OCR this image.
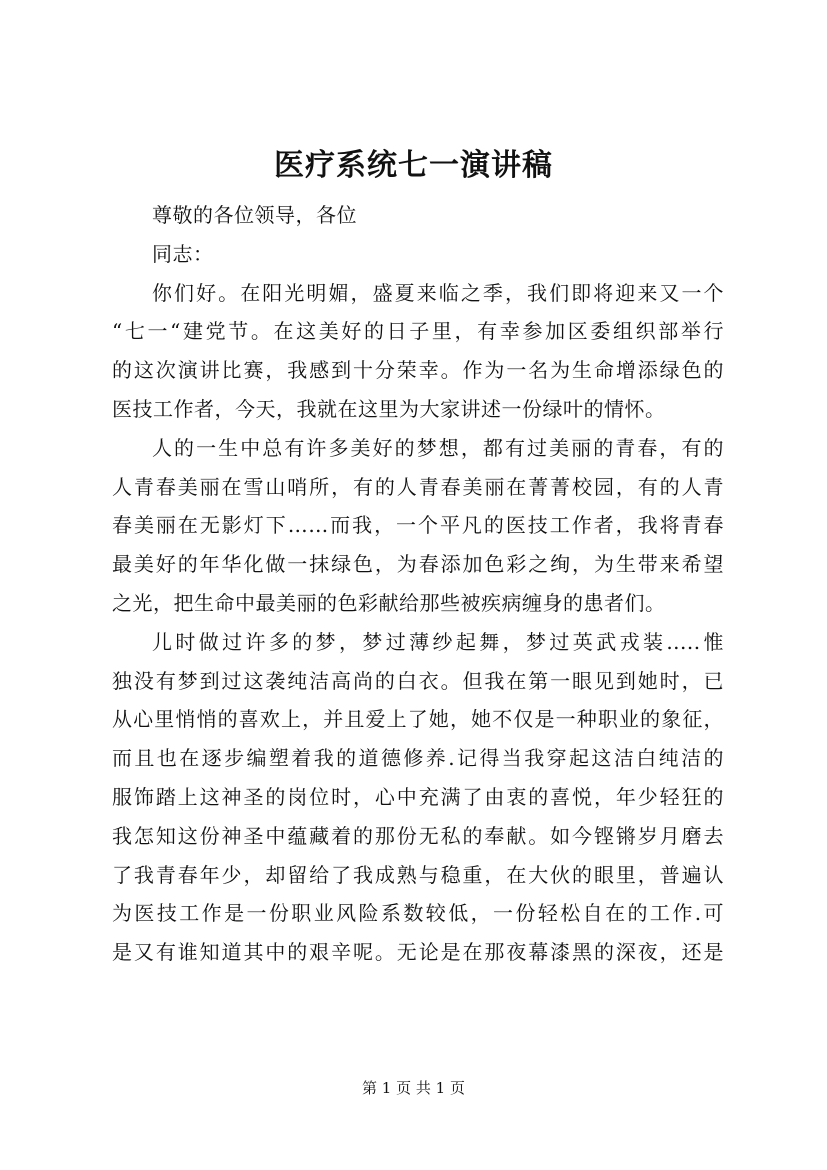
医疗系统七一演讲稿
尊敬的各位领导，各位
同志：
你们好。在阳光明媚，盛夏来临之季，我们即将迎来又一个
“七一“建党节。在这美好的日子里，有幸参加区委组织部举行
的这次演讲比赛，我感到十分荣幸。作为一名为生命增添绿色的
医技工作者，今天，我就在这里为大家讲述一份绿叶的情怀。
人的一生中总有许多美好的梦想，都有过美丽的青春，有的
人青春美丽在雪山哨所，有的人青春美丽在菁菁校园，有的人青
春美丽在无影灯下……而我，一个平凡的医技工作者，我将青春
最美好的年华化做一抹绿色，为春添加色彩之绚，为生带来希望
之光，把生命中最美丽的色彩献给那些被疾病缠身的患者们。
儿时做过许多的梦，梦过薄纱起舞，梦过英武戎装.....惟
独没有梦到过这袭纯洁高尚的白衣。但我在第一眼见到她时，已
从心里悄悄的喜欢上，并且爱上了她，她不仅是一种职业的象征，
而且也在逐步编塑着我的道德修养.记得当我穿起这洁白纯洁的
服饰踏上这神圣的岗位时，心中充满了由衷的喜悦，年少轻狂的
我怎知这份神圣中蕴藏着的那份无私的奉献。如今铿锵岁月磨去
了我青春年少，却留给了我成熟与稳重，在大伙的眼里，普遍认
为医技工作是一份职业风险系数较低，一份轻松自在的工作.可
是又有谁知道其中的艰辛呢。无论是在那夜幕漆黑的深夜，还是
第 1 页 共 1 页
